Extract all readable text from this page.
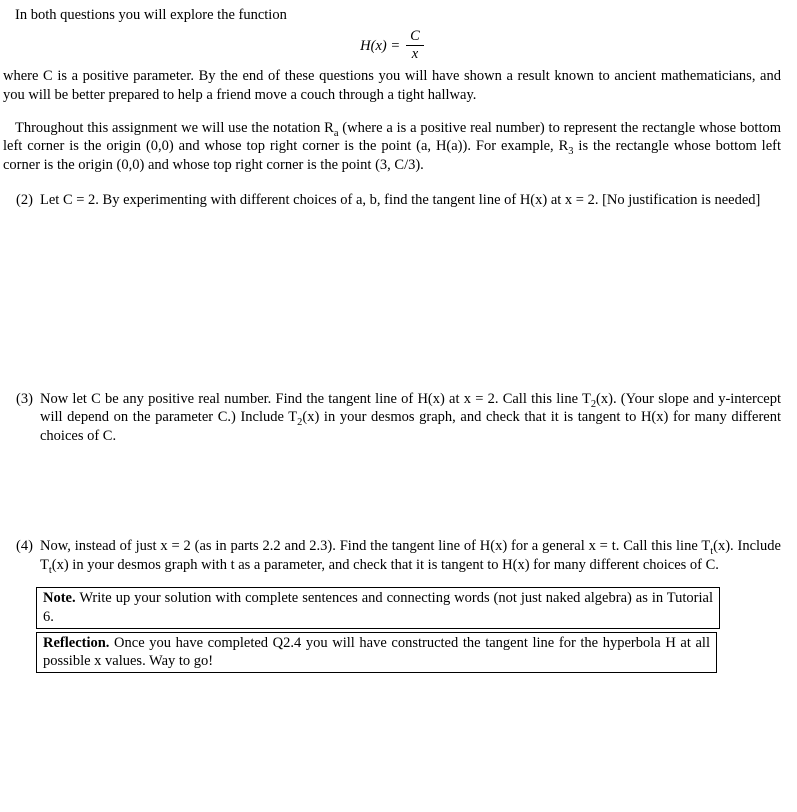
In both questions you will explore the function

$H(x) = \frac{C}{x}$

where C is a positive parameter. By the end of these questions you will have shown a result known to ancient mathematicians, and you will be better prepared to help a friend move a couch through a tight hallway.

Throughout this assignment we will use the notation $R_a$ (where a is a positive real number) to represent the rectangle whose bottom left corner is the origin (0,0) and whose top right corner is the point (a, H(a)). For example, $R_3$ is the rectangle whose bottom left corner is the origin (0,0) and whose top right corner is the point (3, C/3).

(2) Let C = 2. By experimenting with different choices of a, b, find the tangent line of H(x) at x = 2. [No justification is needed]
(3) Now let C be any positive real number. Find the tangent line of H(x) at x = 2. Call this line $T_2(x)$. (Your slope and y-intercept will depend on the parameter C.) Include $T_2(x)$ in your desmos graph, and check that it is tangent to H(x) for many different choices of C.
(4) Now, instead of just x = 2 (as in parts 2.2 and 2.3). Find the tangent line of H(x) for a general x = t. Call this line $T_t(x)$. Include $T_t(x)$ in your desmos graph with t as a parameter, and check that it is tangent to H(x) for many different choices of C.
Note. Write up your solution with complete sentences and connecting words (not just naked algebra) as in Tutorial 6.
Reflection. Once you have completed Q2.4 you will have constructed the tangent line for the hyperbola H at all possible x values. Way to go!
